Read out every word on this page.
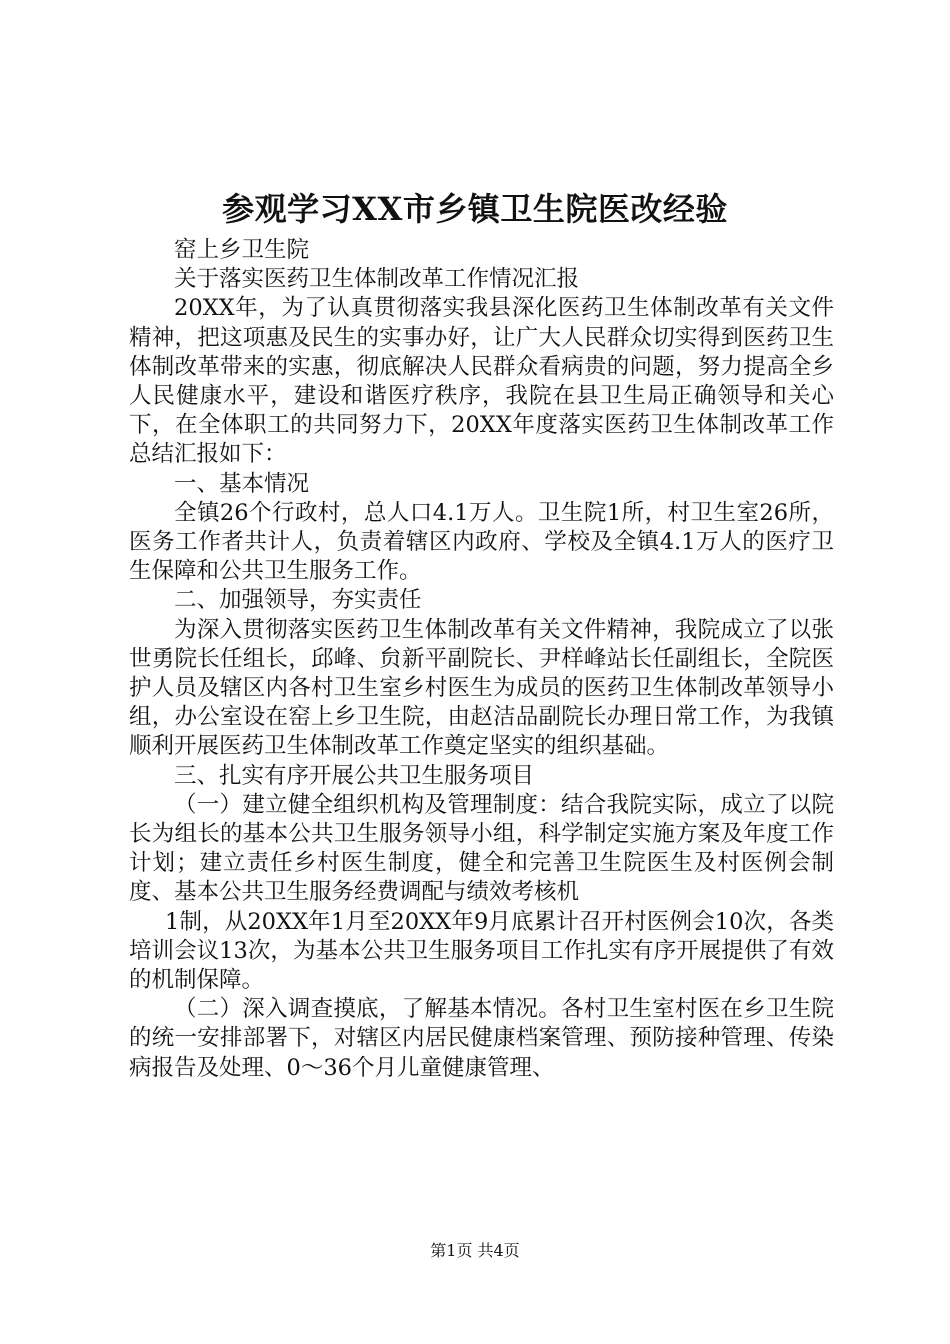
参观学习XX市乡镇卫生院医改经验

窑上乡卫生院

关于落实医药卫生体制改革工作情况汇报

20XX年，为了认真贯彻落实我县深化医药卫生体制改革有关文件精神，把这项惠及民生的实事办好，让广大人民群众切实得到医药卫生体制改革带来的实惠，彻底解决人民群众看病贵的问题，努力提高全乡人民健康水平，建设和谐医疗秩序，我院在县卫生局正确领导和关心下，在全体职工的共同努力下，20XX年度落实医药卫生体制改革工作总结汇报如下：

一、基本情况

全镇26个行政村，总人口4.1万人。卫生院1所，村卫生室26所，医务工作者共计人，负责着辖区内政府、学校及全镇4.1万人的医疗卫生保障和公共卫生服务工作。

二、加强领导，夯实责任

为深入贯彻落实医药卫生体制改革有关文件精神，我院成立了以张世勇院长任组长，邱峰、贠新平副院长、尹样峰站长任副组长，全院医护人员及辖区内各村卫生室乡村医生为成员的医药卫生体制改革领导小组，办公室设在窑上乡卫生院，由赵洁品副院长办理日常工作，为我镇顺利开展医药卫生体制改革工作奠定坚实的组织基础。

三、扎实有序开展公共卫生服务项目

（一）建立健全组织机构及管理制度：结合我院实际，成立了以院长为组长的基本公共卫生服务领导小组，科学制定实施方案及年度工作计划；建立责任乡村医生制度，健全和完善卫生院医生及村医例会制度、基本公共卫生服务经费调配与绩效考核机

1制，从20XX年1月至20XX年9月底累计召开村医例会10次，各类培训会议13次，为基本公共卫生服务项目工作扎实有序开展提供了有效的机制保障。

（二）深入调查摸底，了解基本情况。各村卫生室村医在乡卫生院的统一安排部署下，对辖区内居民健康档案管理、预防接种管理、传染病报告及处理、0～36个月儿童健康管理、

第1页 共4页
